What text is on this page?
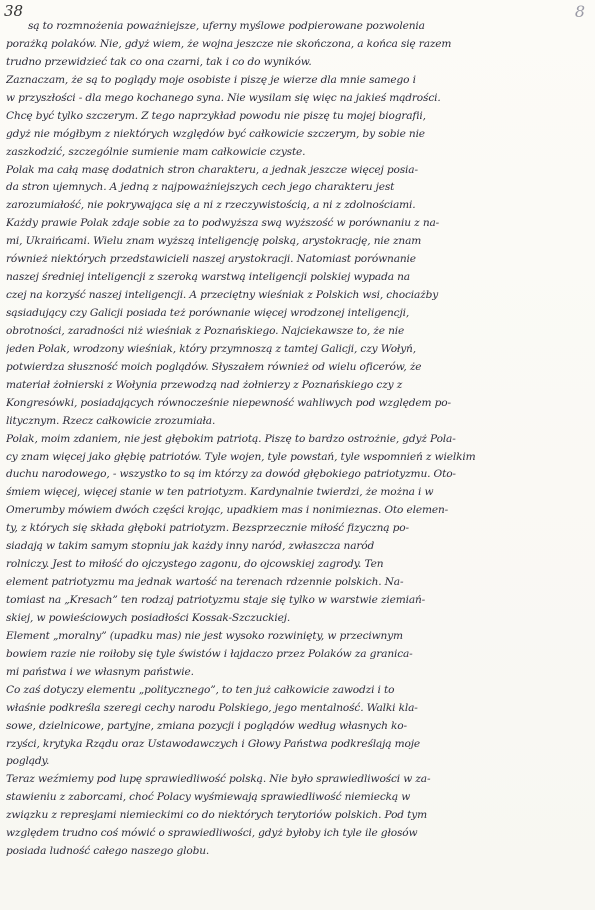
38	8
są to rozmnożenia poważniejsze, uferny myślowe podpierowane pozwolenia
porażką polaków. Nie, gdyż wiem, że wojna jeszcze nie skończona, a końca się razem
trudno przewidzieć tak co ona czarni, tak i co do wyników.
Zaznaczam, że są to poglądy moje osobiste i piszę je wierze dla mnie samego i
w przyszłości - dla mego kochanego syna. Nie wysilam się więc na jakieś mądrości.
Chcę być tylko szczerym. Z tego naprzykład powodu nie piszę tu mojej biografii,
gdyż nie mógłbym z niektórych względów być całkowicie szczerym, by sobie nie
zaszkodzić, szczególnie sumienie mam całkowicie czyste.
Polak ma całą masę dodatnich stron charakteru, a jednak jeszcze więcej posia-
da stron ujemnych. A jedną z najpoważniejszych cech jego charakteru jest
zarozumiałość, nie pokrywająca się a ni z rzeczywistością, a ni z zdolnościami.
Każdy prawie Polak zdaje sobie za to podwyższa swą wyższość w porównaniu z na-
mi, Ukraińcami. Wielu znam wyższą inteligencję polską, arystokrację, nie znam
również niektórych przedstawicieli naszej arystokracji. Natomiast porównanie
naszej średniej inteligencji z szeroką warstwą inteligencji polskiej wypada na
czej na korzyść naszej inteligencji. A przeciętny wieśniak z Polskich wsi, chociażby
sąsiadujący czy Galicji posiada też porównanie więcej wrodzonej inteligencji,
obrotności, zaradności niż wieśniak z Poznańskiego. Najciekawsze to, że nie
jeden Polak, wrodzony wieśniak, który przymnoszą z tamtej Galicji, czy Wołyń,
potwierdza słuszność moich poglądów. Słyszałem również od wielu oficerów, że
materiał żołnierski z Wołynia przewodzą nad żołnierzy z Poznańskiego czy z
Kongresówki, posiadających równocześnie niepewność wahliwych pod względem po-
litycznym. Rzecz całkowicie zrozumiała.
Polak, moim zdaniem, nie jest głębokim patriotą. Piszę to bardzo ostrożnie, gdyż Pola-
cy znam więcej jako głębię patriotów. Tyle wojen, tyle powstań, tyle wspomnień z wielkim
duchu narodowego, - wszystko to są im którzy za dowód głębokiego patriotyzmu. Oto-
śmiem więcej, więcej stanie w ten patriotyzm. Kardynalnie twierdzi, że można i w
Omerumby mówiem dwóch części krojąc, upadkiem mas i nonimieznas. Oto elemen-
ty, z których się składa głęboki patriotyzm. Bezsprzecznie miłość fizyczną po-
siadają w takim samym stopniu jak każdy inny naród, zwłaszcza naród
rolniczy. Jest to miłość do ojczystego zagonu, do ojcowskiej zagrody. Ten
element patriotyzmu ma jednak wartość na terenach rdzennie polskich. Na-
tomiast na „Kresach” ten rodzaj patriotyzmu staje się tylko w warstwie ziemiań-
skiej, w powieściowych posiadłości Kossak-Szczuckiej.
Element „moralny” (upadku mas) nie jest wysoko rozwinięty, w przeciwnym
bowiem razie nie roiłoby się tyle świstów i łajdaczo przez Polaków za granica-
mi państwa i we własnym państwie.
Co zaś dotyczy elementu „politycznego”, to ten już całkowicie zawodzi i to
właśnie podkreśla szeregi cechy narodu Polskiego, jego mentalność. Walki kla-
sowe, dzielnicowe, partyjne, zmiana pozycji i poglądów według własnych ko-
rzyści, krytyka Rządu oraz Ustawodawczych i Głowy Państwa podkreślają moje
poglądy.
Teraz weźmiemy pod lupę sprawiedliwość polską. Nie było sprawiedliwości w za-
stawieniu z zaborcami, choć Polacy wyśmiewają sprawiedliwość niemiecką w
związku z represjami niemieckimi co do niektórych terytoriów polskich. Pod tym
względem trudno coś mówić o sprawiedliwości, gdyż byłoby ich tyle ile głosów
posiada ludność całego naszego globu.
